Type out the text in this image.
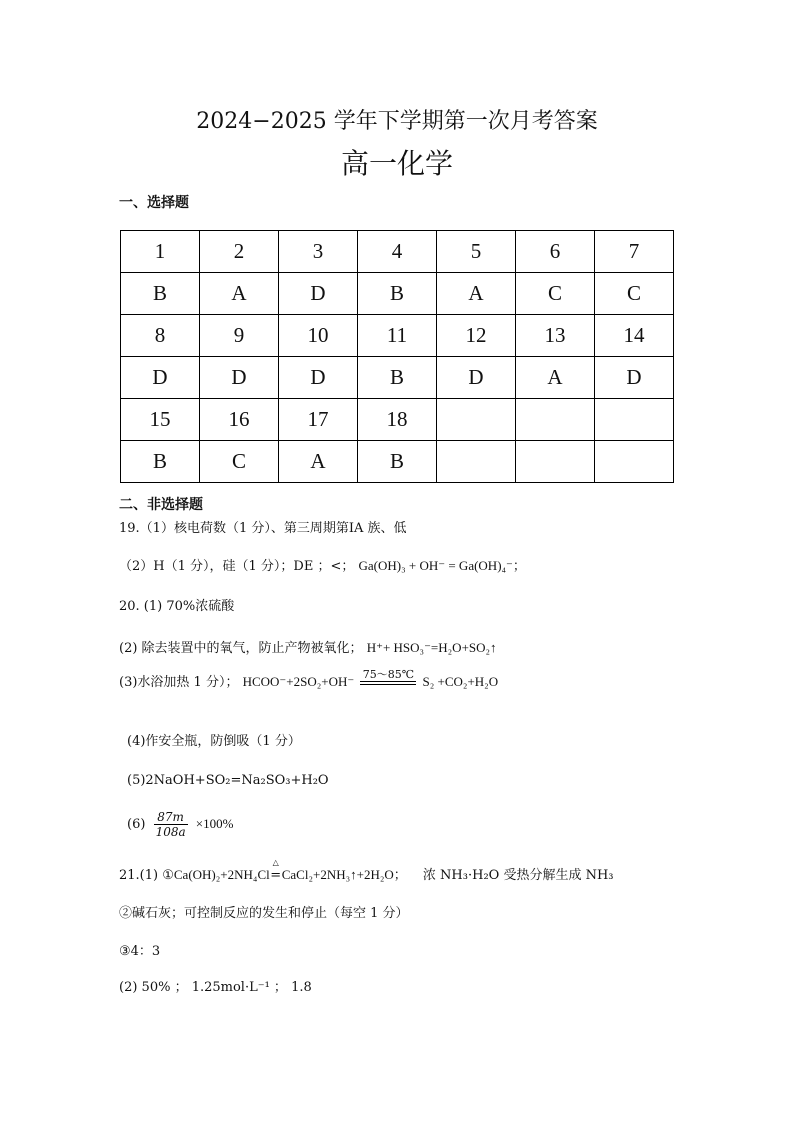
2024−2025 学年下学期第一次月考答案
高一化学
一、选择题
1	2	3	4	5	6	7
B	A	D	B	A	C	C
8	9	10	11	12	13	14
D	D	D	B	D	A	D
15	16	17	18			
B	C	A	B			
二、非选择题
19.（1）核电荷数（1 分）、第三周期第IA 族、低
（2）H（1 分），硅（1 分）；DE ；<； Ga(OH)₃ + OH⁻ = Ga(OH)₄⁻；
20. (1) 70%浓硫酸
(2) 除去装置中的氧气，防止产物被氧化； H⁺+ HSO₃⁻=H₂O+SO₂↑
(3)水浴加热 1 分）； HCOO⁻+2SO₂+OH⁻ 75～85℃ S₂ +CO₂+H₂O
(4)作安全瓶，防倒吸（1 分）
(5)2NaOH+SO₂=Na₂SO₃+H₂O
$(6) \frac{87m}{108a} \times 100\%$
21.(1) ①Ca(OH)₂+2NH₄Cl
△
=CaCl₂+2NH₃↑+2H₂O； 浓 NH₃·H₂O 受热分解生成 NH₃
②碱石灰；可控制反应的发生和停止（每空 1 分）
③4：3
(2) 50% ； 1.25mol·L⁻¹ ； 1.8
